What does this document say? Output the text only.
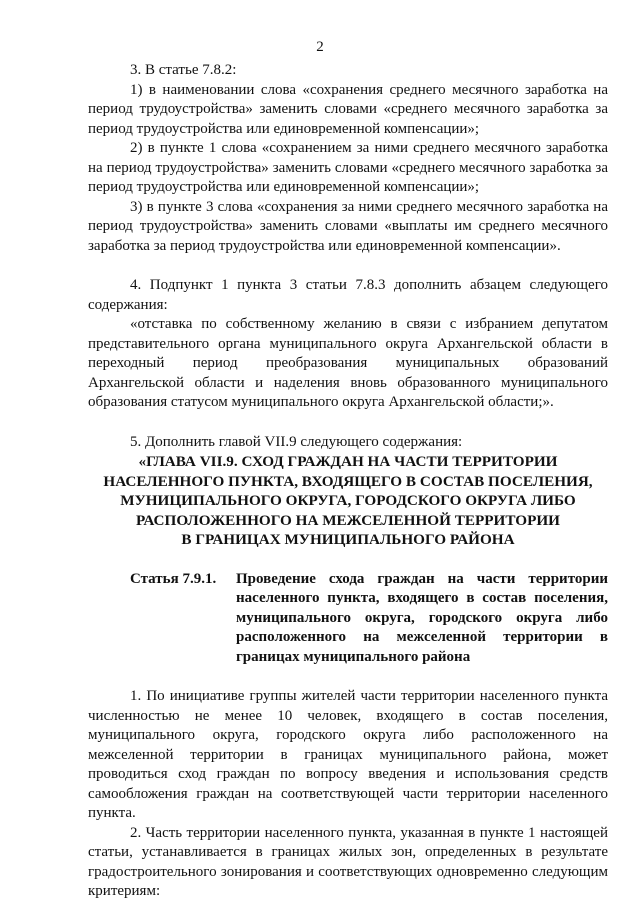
2

3. В статье 7.8.2:

1) в наименовании слова «сохранения среднего месячного заработка на период трудоустройства» заменить словами «среднего месячного заработка за период трудоустройства или единовременной компенсации»;

2) в пункте 1 слова «сохранением за ними среднего месячного заработка на период трудоустройства» заменить словами «среднего месячного заработка за период трудоустройства или единовременной компенсации»;

3) в пункте 3 слова «сохранения за ними среднего месячного заработка на период трудоустройства» заменить словами «выплаты им среднего месячного заработка за период трудоустройства или единовременной компенсации».

4. Подпункт 1 пункта 3 статьи 7.8.3 дополнить абзацем следующего содержания:

«отставка по собственному желанию в связи с избранием депутатом представительного органа муниципального округа Архангельской области в переходный период преобразования муниципальных образований Архангельской области и наделения вновь образованного муниципального образования статусом муниципального округа Архангельской области;».

5. Дополнить главой VII.9 следующего содержания:

«ГЛАВА VII.9. СХОД ГРАЖДАН НА ЧАСТИ ТЕРРИТОРИИ
НАСЕЛЕННОГО ПУНКТА, ВХОДЯЩЕГО В СОСТАВ ПОСЕЛЕНИЯ,
МУНИЦИПАЛЬНОГО ОКРУГА, ГОРОДСКОГО ОКРУГА ЛИБО
РАСПОЛОЖЕННОГО НА МЕЖСЕЛЕННОЙ ТЕРРИТОРИИ
В ГРАНИЦАХ МУНИЦИПАЛЬНОГО РАЙОНА
Статья 7.9.1.	Проведение схода граждан на части территории населенного пункта, входящего в состав поселения, муниципального округа, городского округа либо расположенного на межселенной территории в границах муниципального района

1. По инициативе группы жителей части территории населенного пункта численностью не менее 10 человек, входящего в состав поселения, муниципального округа, городского округа либо расположенного на межселенной территории в границах муниципального района, может проводиться сход граждан по вопросу введения и использования средств самообложения граждан на соответствующей части территории населенного пункта.

2. Часть территории населенного пункта, указанная в пункте 1 настоящей статьи, устанавливается в границах жилых зон, определенных в результате градостроительного зонирования и соответствующих одновременно следующим критериям:
